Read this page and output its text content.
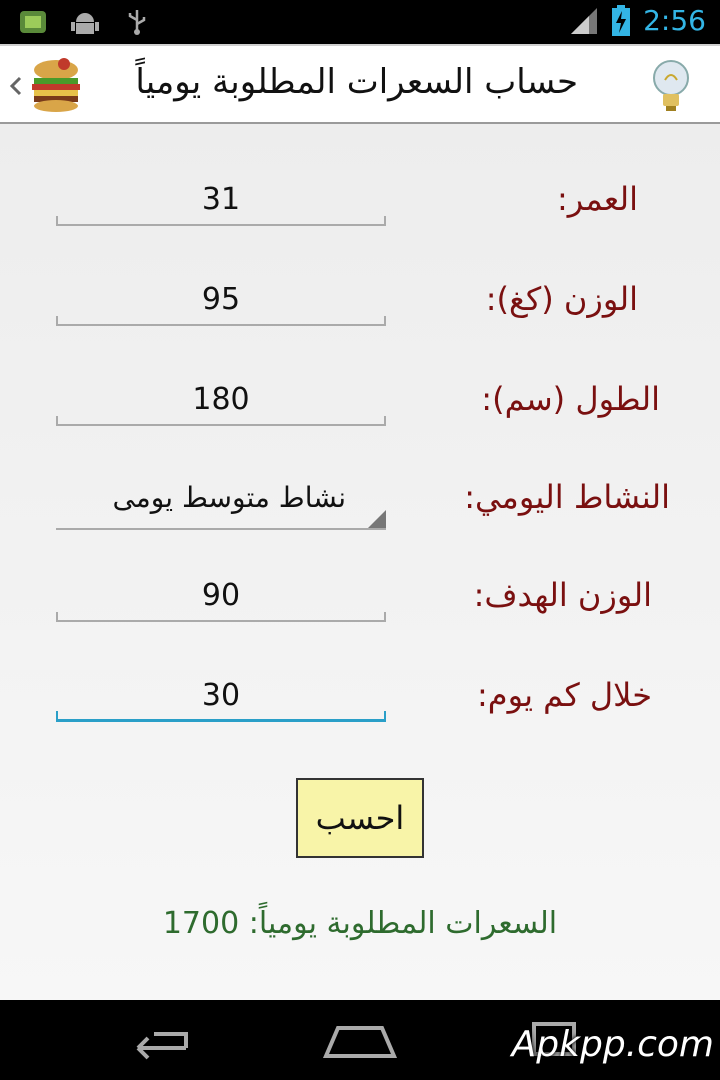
2:56
حساب السعرات المطلوبة يومياً
31	العمر:
95	الوزن (كغ):
180	الطول (سم):
نشاط متوسط يومى	النشاط اليومي:
90	الوزن الهدف:
30	خلال كم يوم:
احسب
السعرات المطلوبة يومياً: 1700
Apkpp.com
